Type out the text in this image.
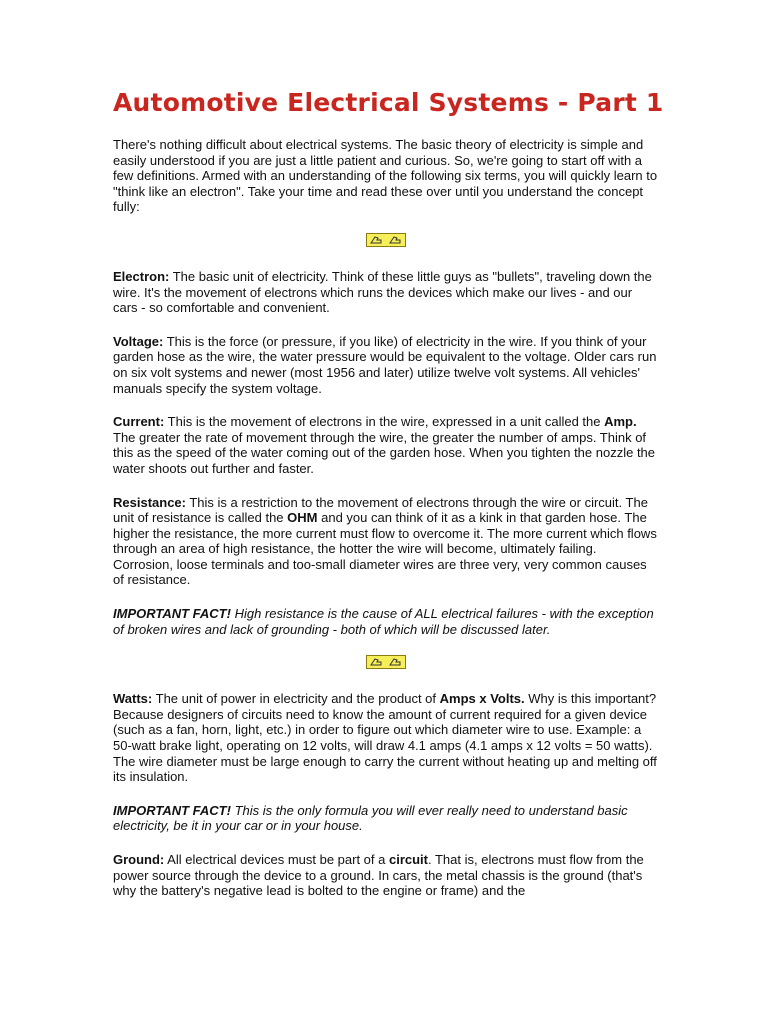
Automotive Electrical Systems - Part 1

There's nothing difficult about electrical systems. The basic theory of electricity is simple and easily understood if you are just a little patient and curious. So, we're going to start off with a few definitions. Armed with an understanding of the following six terms, you will quickly learn to "think like an electron". Take your time and read these over until you understand the concept fully:

Electron: The basic unit of electricity. Think of these little guys as "bullets", traveling down the wire. It's the movement of electrons which runs the devices which make our lives - and our cars - so comfortable and convenient.

Voltage: This is the force (or pressure, if you like) of electricity in the wire. If you think of your garden hose as the wire, the water pressure would be equivalent to the voltage. Older cars run on six volt systems and newer (most 1956 and later) utilize twelve volt systems. All vehicles' manuals specify the system voltage.

Current: This is the movement of electrons in the wire, expressed in a unit called the Amp. The greater the rate of movement through the wire, the greater the number of amps. Think of this as the speed of the water coming out of the garden hose. When you tighten the nozzle the water shoots out further and faster.

Resistance: This is a restriction to the movement of electrons through the wire or circuit. The unit of resistance is called the OHM and you can think of it as a kink in that garden hose. The higher the resistance, the more current must flow to overcome it. The more current which flows through an area of high resistance, the hotter the wire will become, ultimately failing. Corrosion, loose terminals and too-small diameter wires are three very, very common causes of resistance.

IMPORTANT FACT! High resistance is the cause of ALL electrical failures - with the exception of broken wires and lack of grounding - both of which will be discussed later.

Watts: The unit of power in electricity and the product of Amps x Volts. Why is this important? Because designers of circuits need to know the amount of current required for a given device (such as a fan, horn, light, etc.) in order to figure out which diameter wire to use. Example: a 50-watt brake light, operating on 12 volts, will draw 4.1 amps (4.1 amps x 12 volts = 50 watts). The wire diameter must be large enough to carry the current without heating up and melting off its insulation.

IMPORTANT FACT! This is the only formula you will ever really need to understand basic electricity, be it in your car or in your house.

Ground: All electrical devices must be part of a circuit. That is, electrons must flow from the power source through the device to a ground. In cars, the metal chassis is the ground (that's why the battery's negative lead is bolted to the engine or frame) and the
